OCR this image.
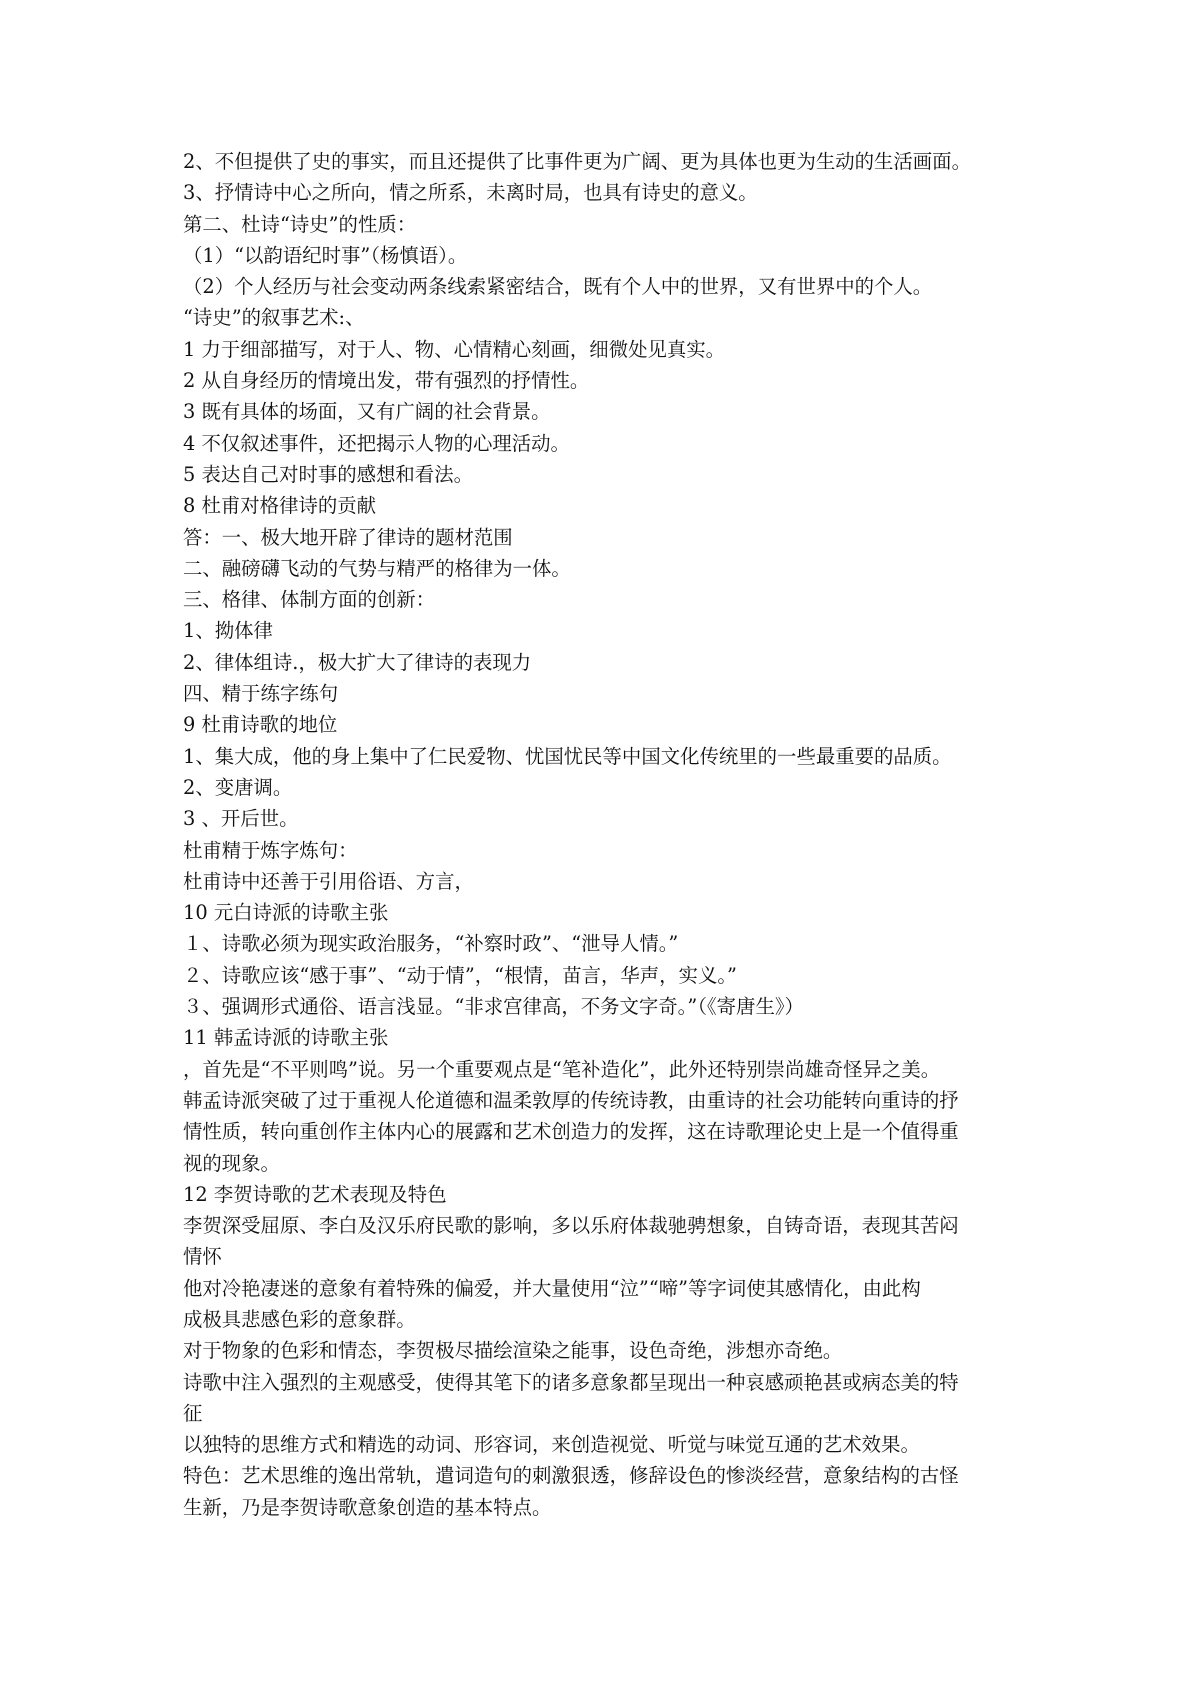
2、不但提供了史的事实，而且还提供了比事件更为广阔、更为具体也更为生动的生活画面。
3、抒情诗中心之所向，情之所系，未离时局，也具有诗史的意义。
第二、杜诗“诗史”的性质：
（1）“以韵语纪时事”（杨慎语）。
（2）个人经历与社会变动两条线索紧密结合，既有个人中的世界，又有世界中的个人。
“诗史”的叙事艺术:、
1 力于细部描写，对于人、物、心情精心刻画，细微处见真实。
2 从自身经历的情境出发，带有强烈的抒情性。
3 既有具体的场面，又有广阔的社会背景。
4 不仅叙述事件，还把揭示人物的心理活动。
5 表达自己对时事的感想和看法。
8 杜甫对格律诗的贡献
答：一、极大地开辟了律诗的题材范围
二、融磅礴飞动的气势与精严的格律为一体。
三、格律、体制方面的创新：
1、拗体律
2、律体组诗.，极大扩大了律诗的表现力
四、精于练字练句
9 杜甫诗歌的地位
1、集大成，他的身上集中了仁民爱物、忧国忧民等中国文化传统里的一些最重要的品质。
2、变唐调。
3 、开后世。
杜甫精于炼字炼句：
杜甫诗中还善于引用俗语、方言，
10 元白诗派的诗歌主张
１、诗歌必须为现实政治服务，“补察时政”、“泄导人情。”
２、诗歌应该“感于事”、“动于情”，“根情，苗言，华声，实义。”
３、强调形式通俗、语言浅显。“非求宫律高，不务文字奇。”（《寄唐生》）
11 韩孟诗派的诗歌主张
，首先是“不平则鸣”说。另一个重要观点是“笔补造化”，此外还特别崇尚雄奇怪异之美。
韩孟诗派突破了过于重视人伦道德和温柔敦厚的传统诗教，由重诗的社会功能转向重诗的抒
情性质，转向重创作主体内心的展露和艺术创造力的发挥，这在诗歌理论史上是一个值得重
视的现象。
12 李贺诗歌的艺术表现及特色
李贺深受屈原、李白及汉乐府民歌的影响，多以乐府体裁驰骋想象，自铸奇语，表现其苦闷
情怀
他对冷艳凄迷的意象有着特殊的偏爱，并大量使用“泣”“啼”等字词使其感情化，由此构
成极具悲感色彩的意象群。
对于物象的色彩和情态，李贺极尽描绘渲染之能事，设色奇绝，涉想亦奇绝。
诗歌中注入强烈的主观感受，使得其笔下的诸多意象都呈现出一种哀感顽艳甚或病态美的特
征
以独特的思维方式和精选的动词、形容词，来创造视觉、听觉与味觉互通的艺术效果。
特色：艺术思维的逸出常轨，遣词造句的刺激狠透，修辞设色的惨淡经营，意象结构的古怪
生新，乃是李贺诗歌意象创造的基本特点。
